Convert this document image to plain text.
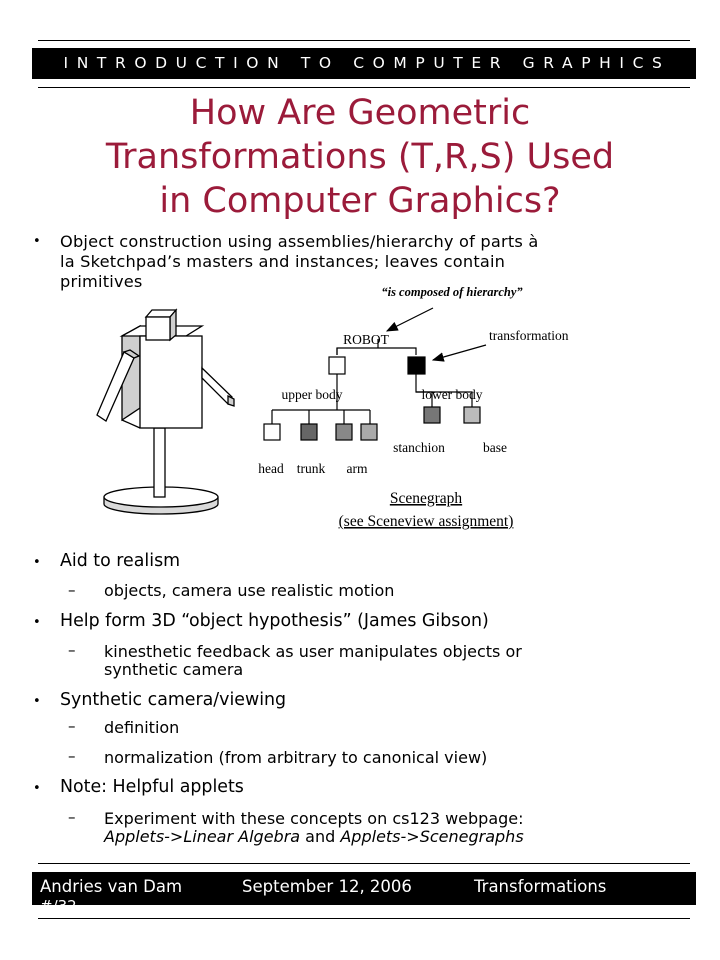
INTRODUCTION TO COMPUTER GRAPHICS
How Are Geometric
Transformations (T,R,S) Used
in Computer Graphics?
• Object construction using assemblies/hierarchy of parts à
la Sketchpad’s masters and instances; leaves contain
primitives
“is composed of hierarchy”
transformation
ROBOT
upper body	lower body
head trunk arm
stanchion	base
Scenegraph
(see Sceneview assignment)
• Aid to realism
– objects, camera use realistic motion
• Help form 3D “object hypothesis” (James Gibson)
– kinesthetic feedback as user manipulates objects or
synthetic camera
• Synthetic camera/viewing
– definition
– normalization (from arbitrary to canonical view)
• Note: Helpful applets
– Experiment with these concepts on cs123 webpage:
Applets->Linear Algebra and Applets->Scenegraphs
Andries van Dam	September 12, 2006	Transformations
#/32
